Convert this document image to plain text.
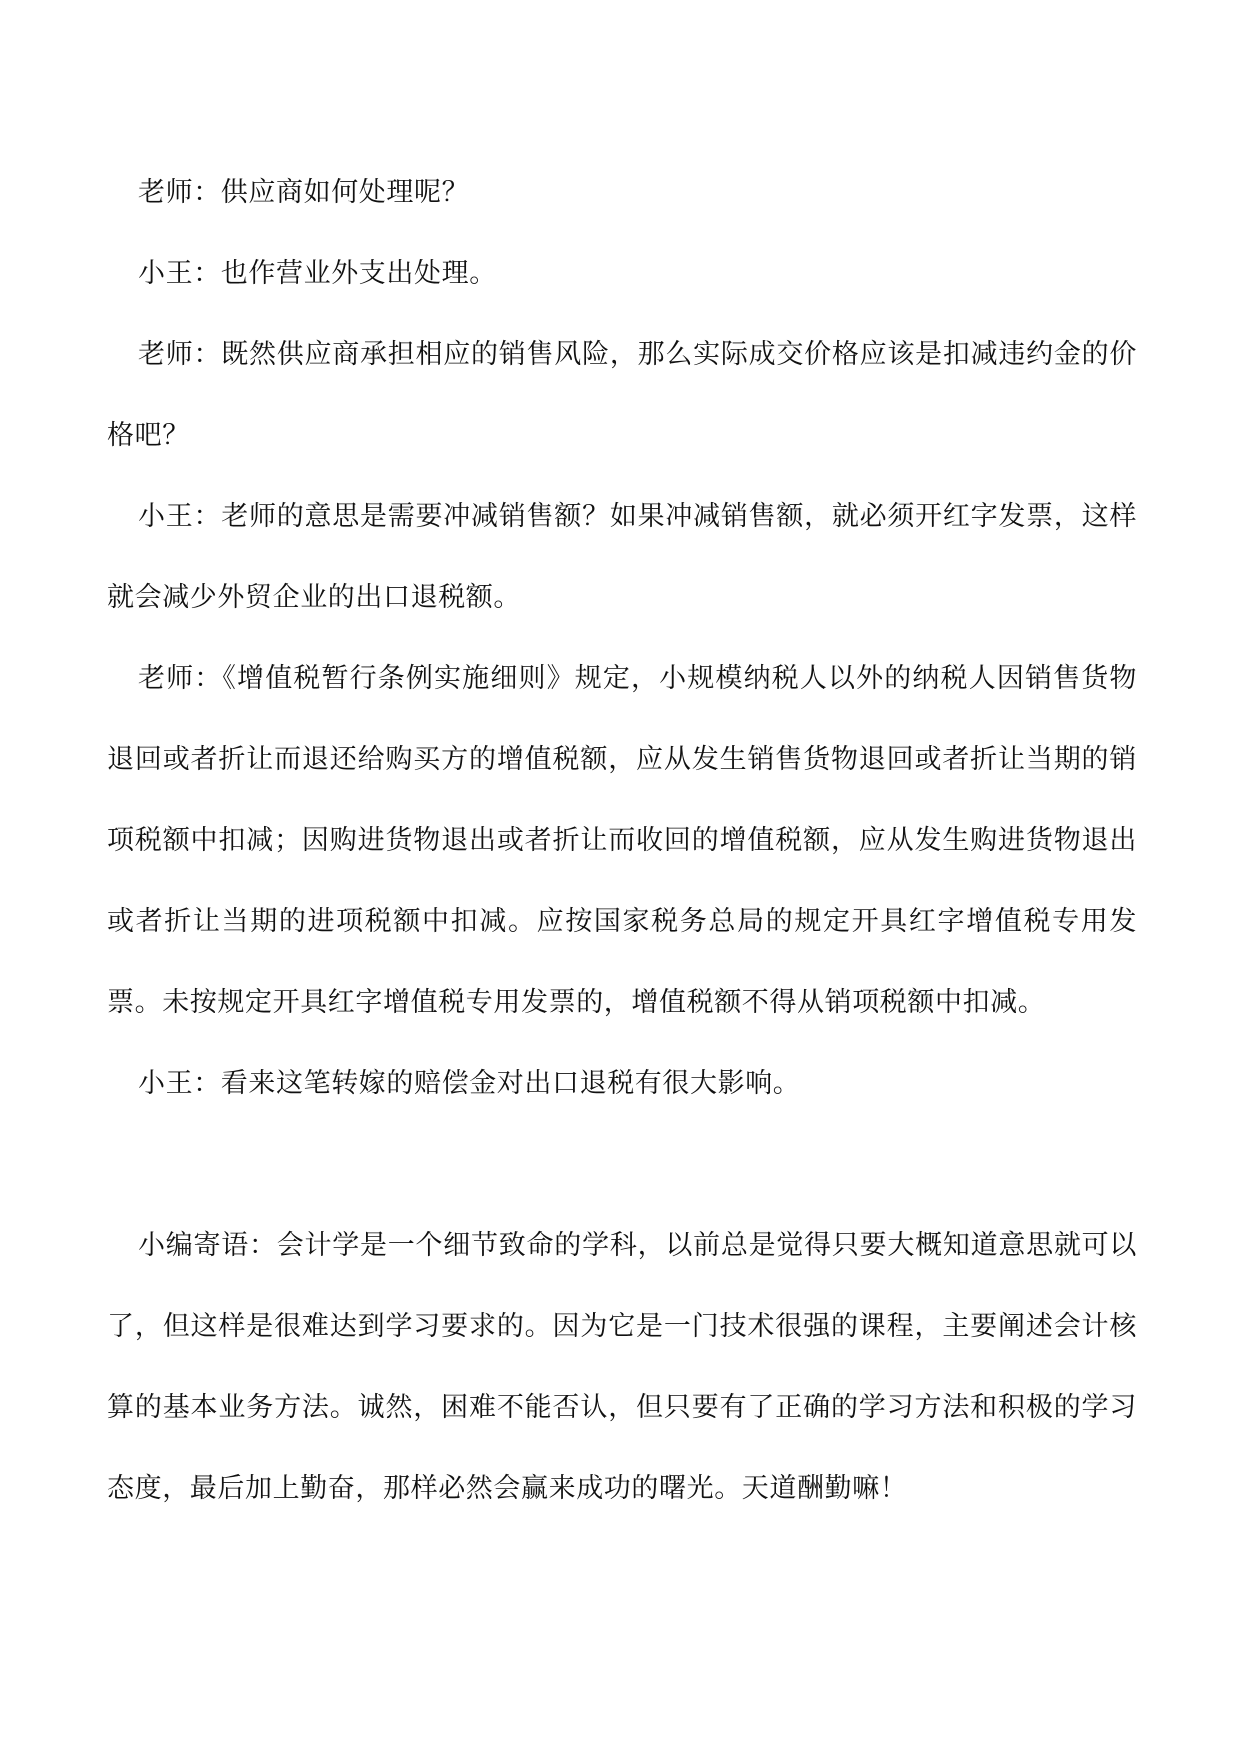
老师：供应商如何处理呢？

小王：也作营业外支出处理。

老师：既然供应商承担相应的销售风险，那么实际成交价格应该是扣减违约金的价格吧？

小王：老师的意思是需要冲减销售额？如果冲减销售额，就必须开红字发票，这样就会减少外贸企业的出口退税额。

老师：《增值税暂行条例实施细则》规定，小规模纳税人以外的纳税人因销售货物退回或者折让而退还给购买方的增值税额，应从发生销售货物退回或者折让当期的销项税额中扣减；因购进货物退出或者折让而收回的增值税额，应从发生购进货物退出或者折让当期的进项税额中扣减。应按国家税务总局的规定开具红字增值税专用发票。未按规定开具红字增值税专用发票的，增值税额不得从销项税额中扣减。

小王：看来这笔转嫁的赔偿金对出口退税有很大影响。

小编寄语：会计学是一个细节致命的学科，以前总是觉得只要大概知道意思就可以了，但这样是很难达到学习要求的。因为它是一门技术很强的课程，主要阐述会计核算的基本业务方法。诚然，困难不能否认，但只要有了正确的学习方法和积极的学习态度，最后加上勤奋，那样必然会赢来成功的曙光。天道酬勤嘛！
